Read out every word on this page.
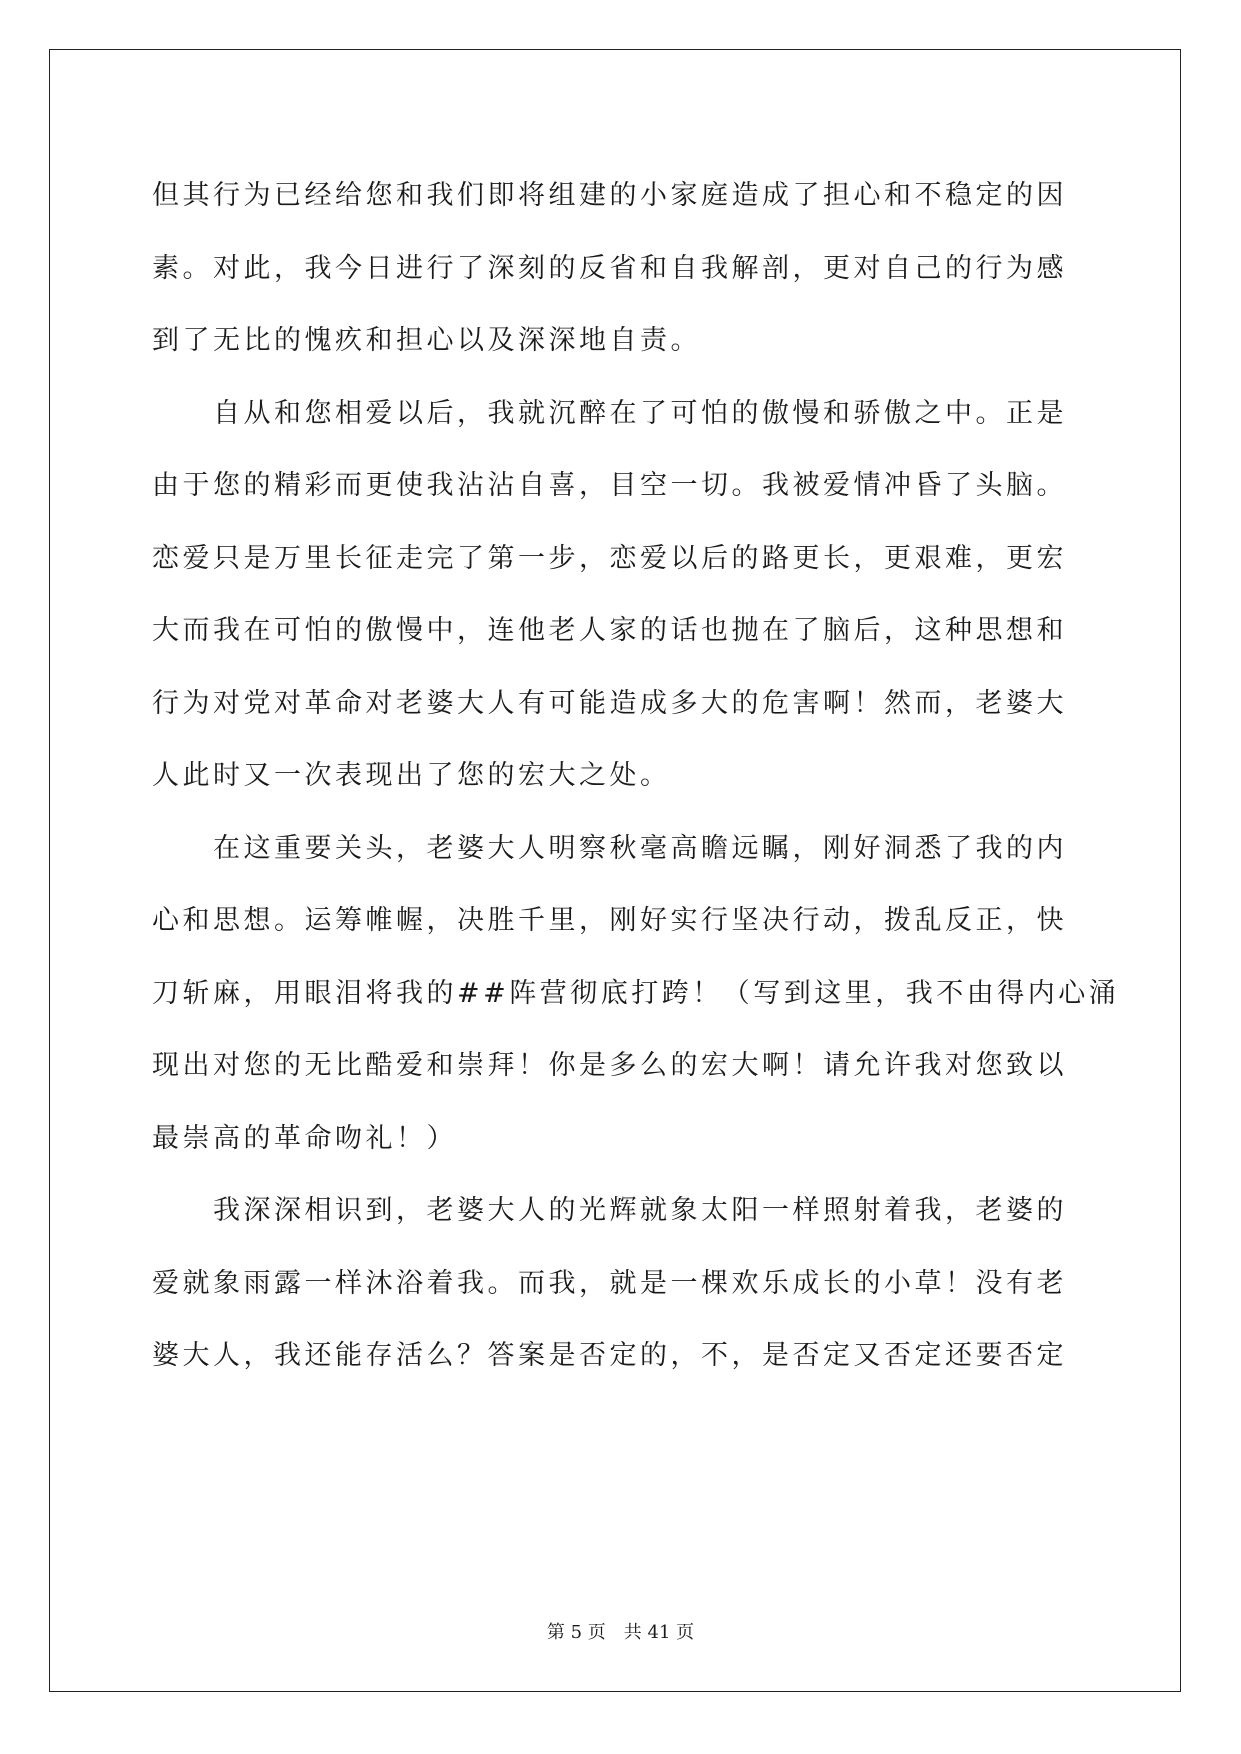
但其行为已经给您和我们即将组建的小家庭造成了担心和不稳定的因
素。对此，我今日进行了深刻的反省和自我解剖，更对自己的行为感
到了无比的愧疚和担心以及深深地自责。
　　自从和您相爱以后，我就沉醉在了可怕的傲慢和骄傲之中。正是
由于您的精彩而更使我沾沾自喜，目空一切。我被爱情冲昏了头脑。
恋爱只是万里长征走完了第一步，恋爱以后的路更长，更艰难，更宏
大而我在可怕的傲慢中，连他老人家的话也抛在了脑后，这种思想和
行为对党对革命对老婆大人有可能造成多大的危害啊！然而，老婆大
人此时又一次表现出了您的宏大之处。
　　在这重要关头，老婆大人明察秋毫高瞻远瞩，刚好洞悉了我的内
心和思想。运筹帷幄，决胜千里，刚好实行坚决行动，拨乱反正，快
刀斩麻，用眼泪将我的##阵营彻底打跨！（写到这里，我不由得内心涌
现出对您的无比酷爱和崇拜！你是多么的宏大啊！请允许我对您致以
最崇高的革命吻礼！）
　　我深深相识到，老婆大人的光辉就象太阳一样照射着我，老婆的
爱就象雨露一样沐浴着我。而我，就是一棵欢乐成长的小草！没有老
婆大人，我还能存活么？答案是否定的，不，是否定又否定还要否定
第 5 页 共 41 页
